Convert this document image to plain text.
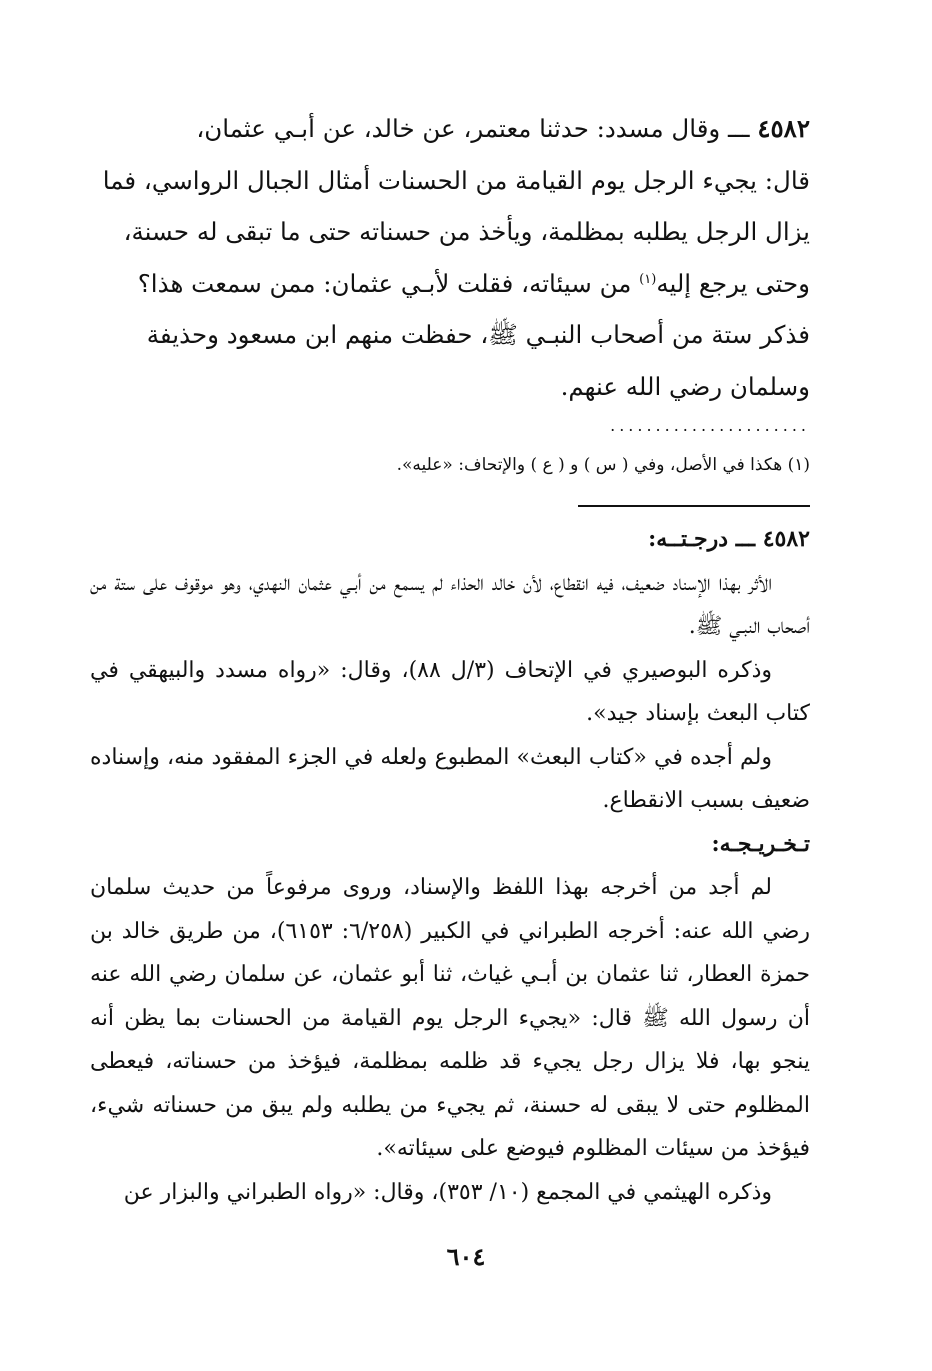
٤٥٨٢ ـــ وقال مسدد: حدثنا معتمر، عن خالد، عن أبـي عثمان،

قال: يجيء الرجل يوم القيامة من الحسنات أمثال الجبال الرواسي، فما

يزال الرجل يطلبه بمظلمة، ويأخذ من حسناته حتى ما تبقى له حسنة،

وحتى يرجع إليه$^{(١)}$ من سيئاته، فقلت لأبـي عثمان: ممن سمعت هذا؟

فذكر ستة من أصحاب النبـي ﷺ، حفظت منهم ابن مسعود وحذيفة

وسلمان رضي الله عنهم.

......................
(١) هكذا في الأصل، وفي ( س ) و ( ع ) والإتحاف: «عليه».

٤٥٨٢ ـــ درجـتــه:

الأثر بهذا الإسناد ضعيف، فيه انقطاع، لأن خالد الحذاء لم يسمع من أبـي عثمان النهدي، وهو موقوف على ستة من أصحاب النبـي ﷺ.

وذكره البوصيري في الإتحاف (٣/ل ٨٨)، وقال: «رواه مسدد والبيهقي في كتاب البعث بإسناد جيد».

ولم أجده في «كتاب البعث» المطبوع ولعله في الجزء المفقود منه، وإسناده ضعيف بسبب الانقطاع.

تـخـريـجـه:

لم أجد من أخرجه بهذا اللفظ والإسناد، وروى مرفوعاً من حديث سلمان رضي الله عنه: أخرجه الطبراني في الكبير (٦/٢٥٨: ٦١٥٣)، من طريق خالد بن حمزة العطار، ثنا عثمان بن أبـي غياث، ثنا أبو عثمان، عن سلمان رضي الله عنه أن رسول الله ﷺ قال: «يجيء الرجل يوم القيامة من الحسنات بما يظن أنه ينجو بها، فلا يزال رجل يجيء قد ظلمه بمظلمة، فيؤخذ من حسناته، فيعطى المظلوم حتى لا يبقى له حسنة، ثم يجيء من يطلبه ولم يبق من حسناته شيء، فيؤخذ من سيئات المظلوم فيوضع على سيئاته».

وذكره الهيثمي في المجمع (١٠/ ٣٥٣)، وقال: «رواه الطبراني والبزار عن

٦٠٤
